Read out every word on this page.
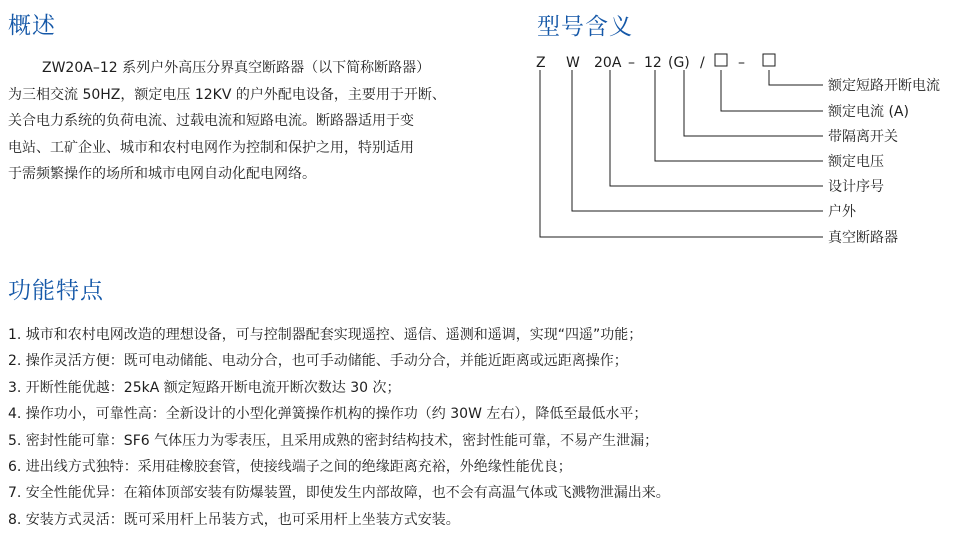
概述
ZW20A–12 系列户外高压分界真空断路器（以下简称断路器）
为三相交流 50HZ，额定电压 12KV 的户外配电设备，主要用于开断、
关合电力系统的负荷电流、过载电流和短路电流。断路器适用于变
电站、工矿企业、城市和农村电网作为控制和保护之用，特别适用
于需频繁操作的场所和城市电网自动化配电网络。
型号含义
Z W 20A – 12 (G) / –
额定短路开断电流
额定电流 (A)
带隔离开关
额定电压
设计序号
户外
真空断路器
功能特点
1. 城市和农村电网改造的理想设备，可与控制器配套实现遥控、遥信、遥测和遥调，实现“四遥”功能；
2. 操作灵活方便：既可电动储能、电动分合，也可手动储能、手动分合，并能近距离或远距离操作；
3. 开断性能优越：25kA 额定短路开断电流开断次数达 30 次；
4. 操作功小，可靠性高：全新设计的小型化弹簧操作机构的操作功（约 30W 左右），降低至最低水平；
5. 密封性能可靠：SF6 气体压力为零表压，且采用成熟的密封结构技术，密封性能可靠，不易产生泄漏；
6. 进出线方式独特：采用硅橡胶套管，使接线端子之间的绝缘距离充裕，外绝缘性能优良；
7. 安全性能优异：在箱体顶部安装有防爆装置，即使发生内部故障，也不会有高温气体或飞溅物泄漏出来。
8. 安装方式灵活：既可采用杆上吊装方式，也可采用杆上坐装方式安装。
